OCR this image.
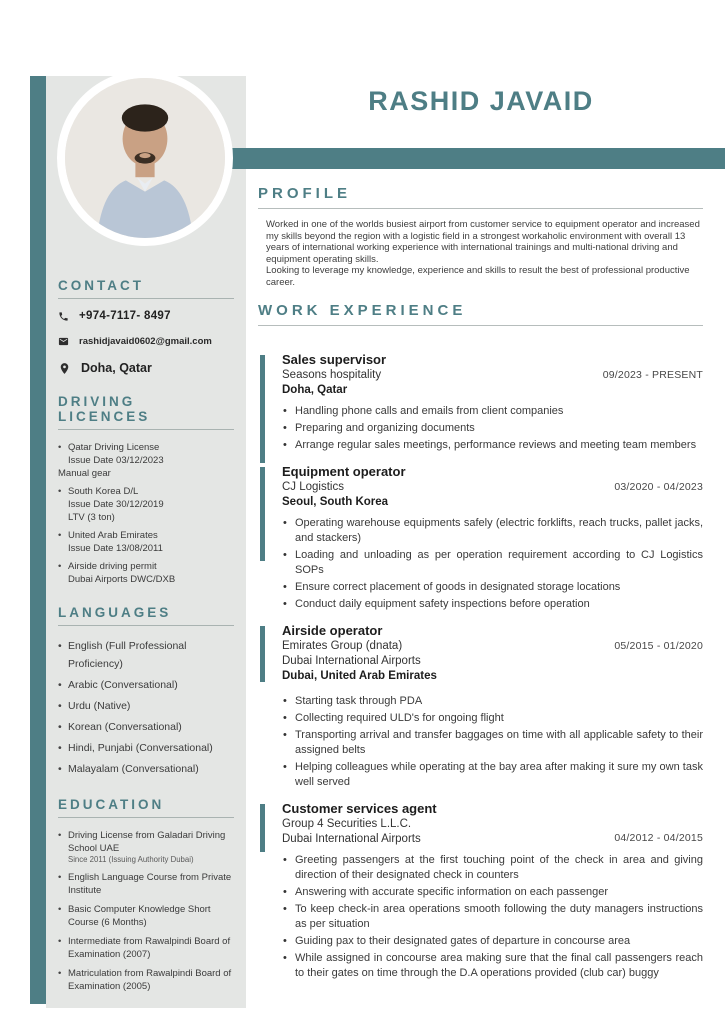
RASHID JAVAID
CONTACT
+974-7117- 8497
rashidjavaid0602@gmail.com
Doha, Qatar
DRIVING LICENCES
• Qatar Driving License
Issue Date 03/12/2023
Manual gear
• South Korea D/L
Issue Date 30/12/2019
LTV (3 ton)
• United Arab Emirates
Issue Date 13/08/2011
• Airside driving permit
Dubai Airports DWC/DXB
LANGUAGES
• English (Full Professional Proficiency)
• Arabic (Conversational)
• Urdu (Native)
• Korean (Conversational)
• Hindi, Punjabi (Conversational)
• Malayalam (Conversational)
EDUCATION
• Driving License from Galadari Driving School UAE
Since 2011 (Issuing Authority Dubai)
• English Language Course from Private Institute
• Basic Computer Knowledge Short Course (6 Months)
• Intermediate from Rawalpindi Board of Examination (2007)
• Matriculation from Rawalpindi Board of Examination (2005)
PROFILE

Worked in one of the worlds busiest airport from customer service to equipment operator and increased my skills beyond the region with a logistic field in a strongest workaholic environment with overall 13 years of international working experience with international trainings and multi-national driving and equipment operating skills.

Looking to leverage my knowledge, experience and skills to result the best of professional productive career.

WORK EXPERIENCE
Sales supervisor
Seasons hospitality
Doha, Qatar
09/2023 - PRESENT
• Handling phone calls and emails from client companies
• Preparing and organizing documents
• Arrange regular sales meetings, performance reviews and meeting team members
Equipment operator
CJ Logistics
Seoul, South Korea
03/2020 - 04/2023
• Operating warehouse equipments safely (electric forklifts, reach trucks, pallet jacks, and stackers)
• Loading and unloading as per operation requirement according to CJ Logistics SOPs
• Ensure correct placement of goods in designated storage locations
• Conduct daily equipment safety inspections before operation
Airside operator
Emirates Group (dnata)
Dubai International Airports
Dubai, United Arab Emirates
05/2015 - 01/2020
• Starting task through PDA
• Collecting required ULD's for ongoing flight
• Transporting arrival and transfer baggages on time with all applicable safety to their assigned belts
• Helping colleagues while operating at the bay area after making it sure my own task well served
Customer services agent
Group 4 Securities L.L.C.
Dubai International Airports	04/2012 - 04/2015
• Greeting passengers at the first touching point of the check in area and giving direction of their designated check in counters
• Answering with accurate specific information on each passenger
• To keep check-in area operations smooth following the duty managers instructions as per situation
• Guiding pax to their designated gates of departure in concourse area
• While assigned in concourse area making sure that the final call passengers reach to their gates on time through the D.A operations provided (club car) buggy
